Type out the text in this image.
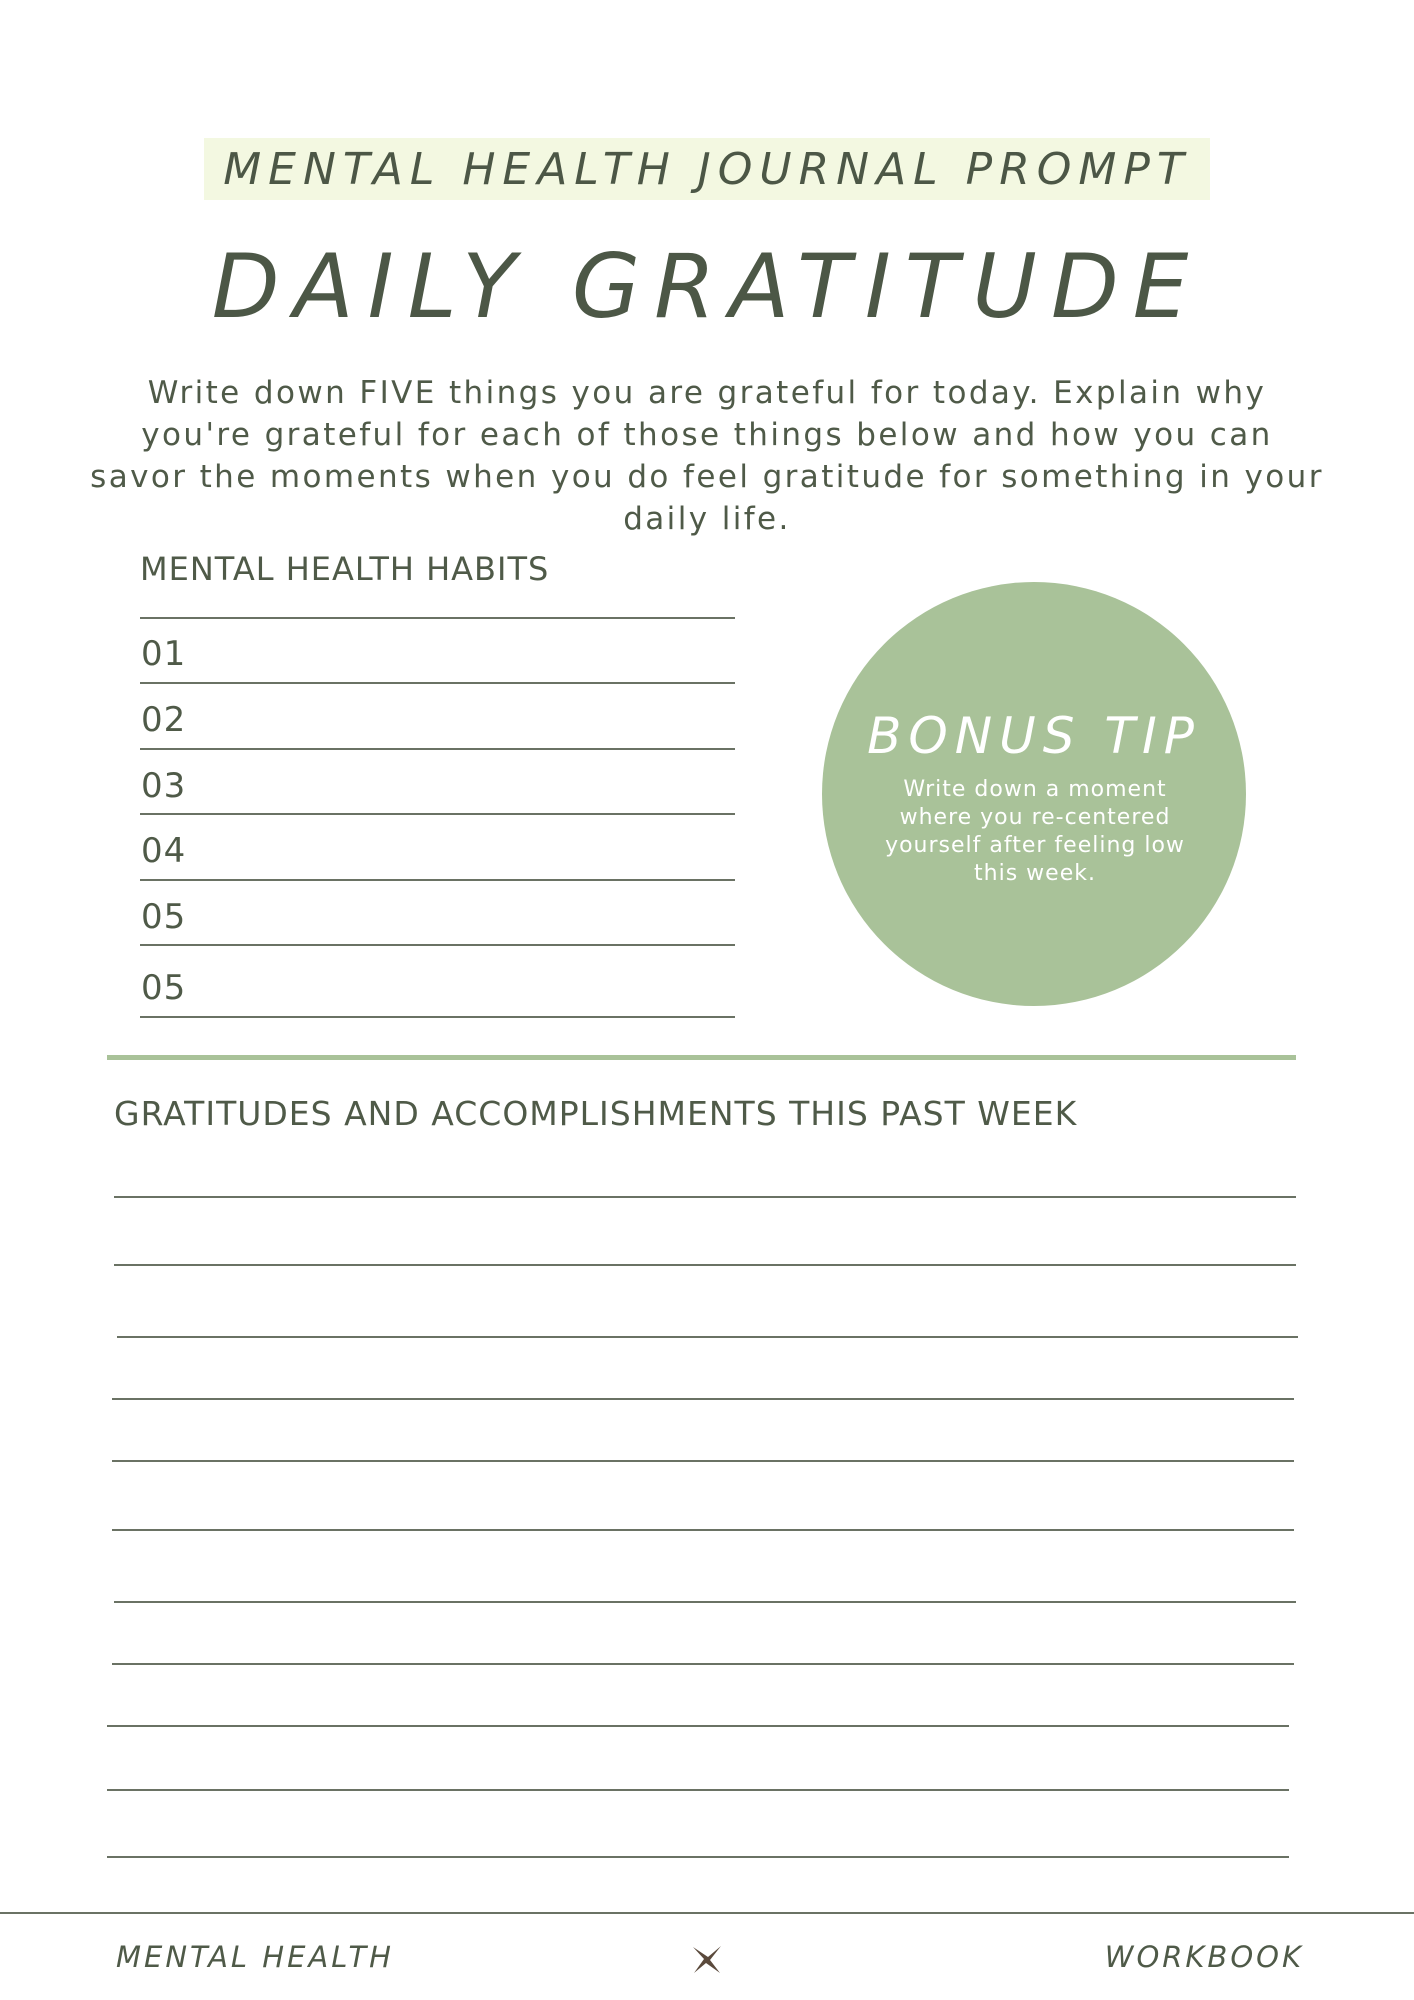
MENTAL HEALTH JOURNAL PROMPT
DAILY GRATITUDE
Write down FIVE things you are grateful for today. Explain why you're grateful for each of those things below and how you can savor the moments when you do feel gratitude for something in your daily life.
MENTAL HEALTH HABITS
01
02
03
04
05
05
BONUS TIP
Write down a moment where you re-centered yourself after feeling low this week.
GRATITUDES AND ACCOMPLISHMENTS THIS PAST WEEK
MENTAL HEALTH	WORKBOOK
